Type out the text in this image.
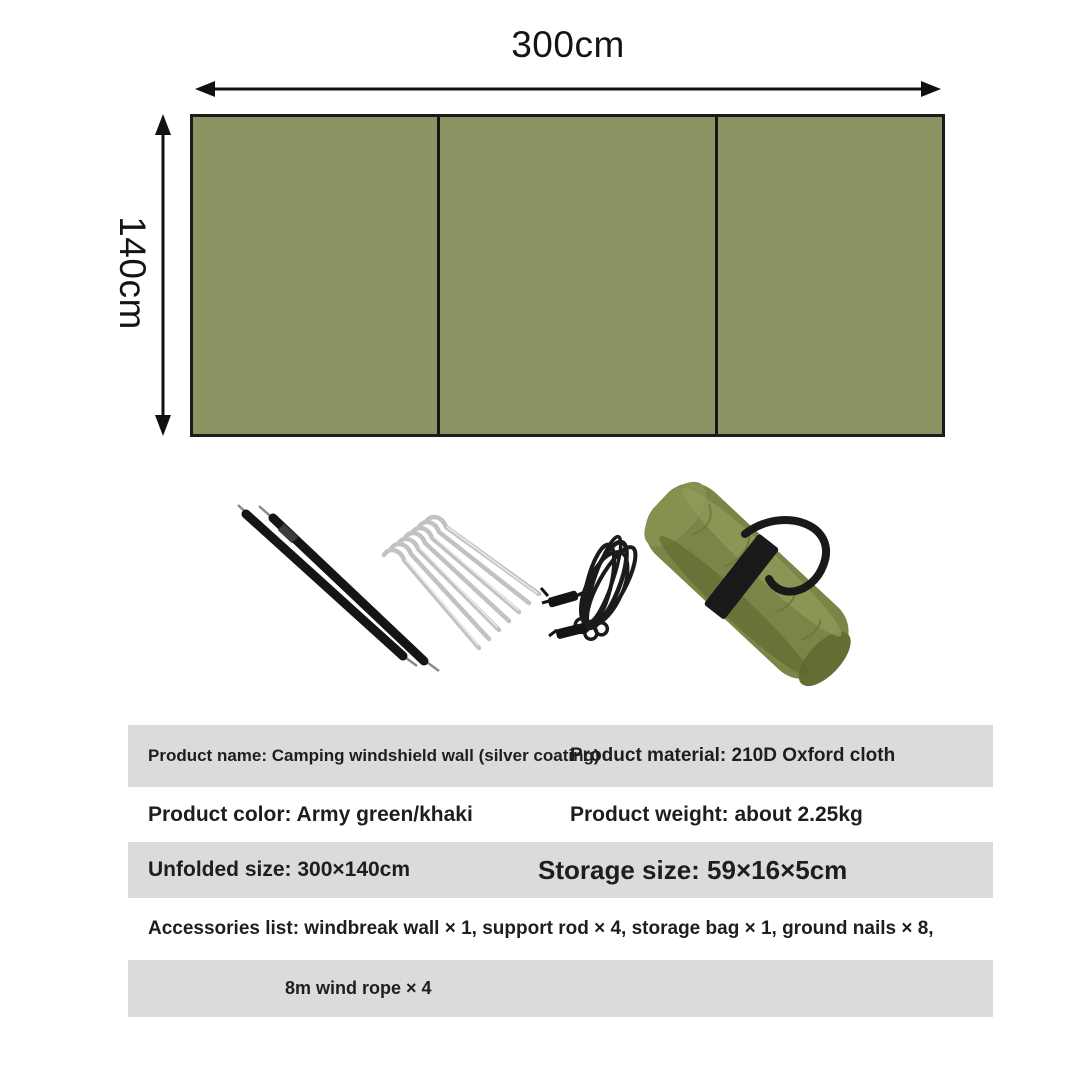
300cm
140cm
Product name: Camping windshield wall (silver coating)
Product material: 210D Oxford cloth
Product color: Army green/khaki	Product weight: about 2.25kg
Unfolded size: 300×140cm	Storage size: 59×16×5cm
Accessories list: windbreak wall × 1, support rod × 4, storage bag × 1, ground nails × 8,
8m wind rope × 4
